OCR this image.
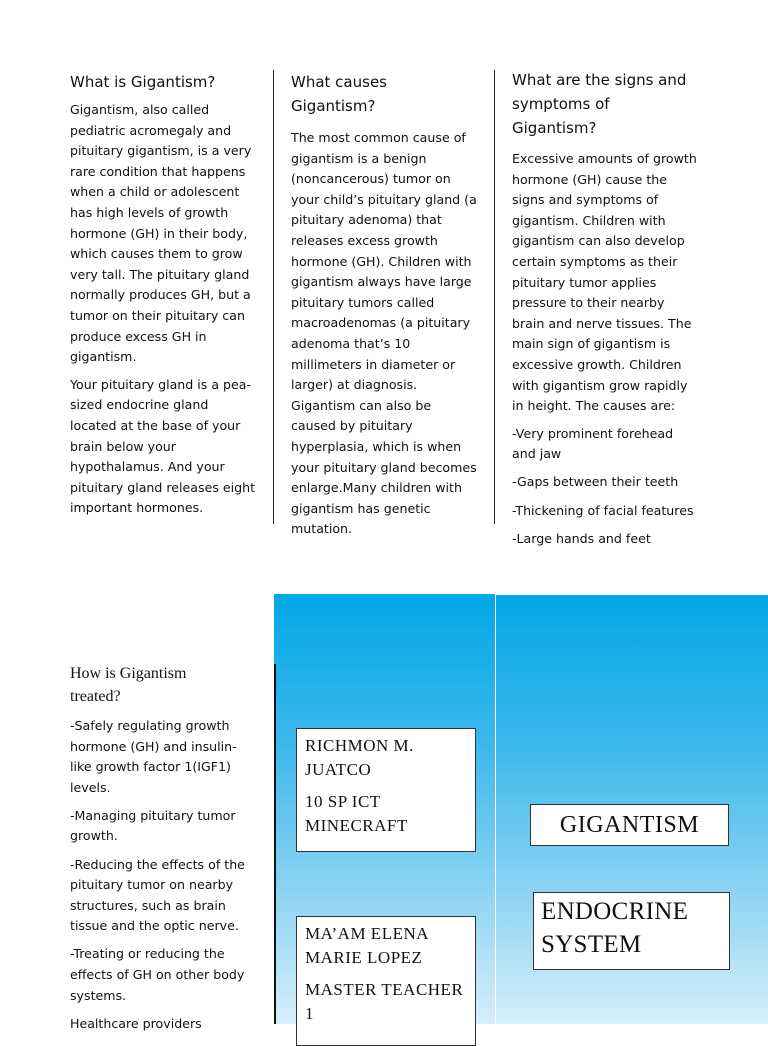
What is Gigantism?

Gigantism, also called pediatric acromegaly and pituitary gigantism, is a very rare condition that happens when a child or adolescent has high levels of growth hormone (GH) in their body, which causes them to grow very tall. The pituitary gland normally produces GH, but a tumor on their pituitary can produce excess GH in gigantism.

Your pituitary gland is a pea-sized endocrine gland located at the base of your brain below your hypothalamus. And your pituitary gland releases eight important hormones.

What causes Gigantism?

The most common cause of gigantism is a benign (noncancerous) tumor on your child’s pituitary gland (a pituitary adenoma) that releases excess growth hormone (GH). Children with gigantism always have large pituitary tumors called macroadenomas (a pituitary adenoma that’s 10 millimeters in diameter or larger) at diagnosis. Gigantism can also be caused by pituitary hyperplasia, which is when your pituitary gland becomes enlarge.Many children with gigantism has genetic mutation.

What are the signs and symptoms of Gigantism?

Excessive amounts of growth hormone (GH) cause the signs and symptoms of gigantism. Children with gigantism can also develop certain symptoms as their pituitary tumor applies pressure to their nearby brain and nerve tissues. The main sign of gigantism is excessive growth. Children with gigantism grow rapidly in height. The causes are:

-Very prominent forehead and jaw

-Gaps between their teeth

-Thickening of facial features

-Large hands and feet

How is Gigantism treated?

-Safely regulating growth hormone (GH) and insulin-like growth factor 1(IGF1) levels.

-Managing pituitary tumor growth.

-Reducing the effects of the pituitary tumor on nearby structures, such as brain tissue and the optic nerve.

-Treating or reducing the effects of GH on other body systems.

Healthcare providers

RICHMON M. JUATCO

10 SP ICT MINECRAFT

MA’AM ELENA MARIE LOPEZ

MASTER TEACHER 1

GIGANTISM

ENDOCRINE SYSTEM
